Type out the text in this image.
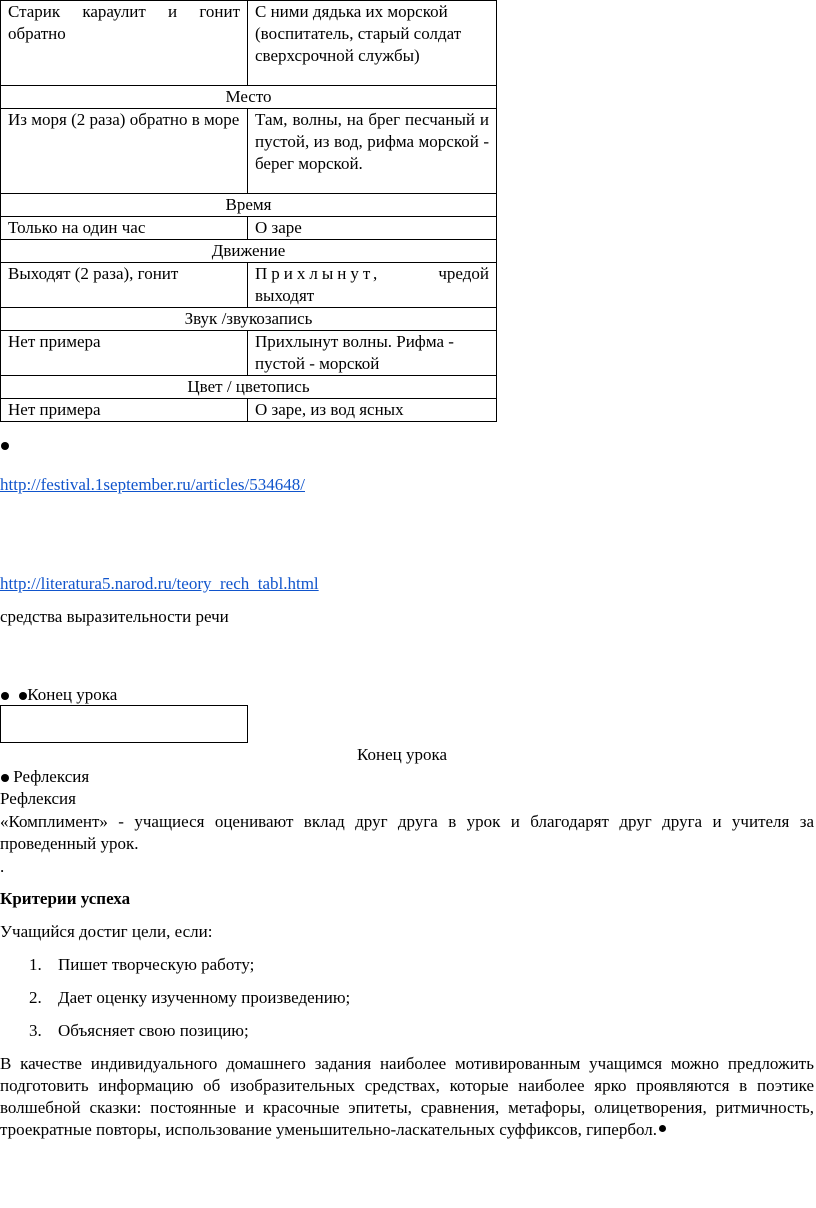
Старик караулит и гонит обратно	С ними дядька их морской (воспитатель, старый солдат сверхсрочной службы)
Место	
Из моря (2 раза) обратно в море	Там, волны, на брег песчаный и пустой, из вод, рифма морской - берег морской.
Время	
Только на один час	О заре
Движение	
Выходят (2 раза), гонит	Прихлынут, чредой выходят
Звук /звукозапись	
Нет примера	Прихлынут волны. Рифма - пустой - морской
Цвет / цветопись	
Нет примера	О заре, из вод ясных
http://festival.1september.ru/articles/534648/
http://literatura5.narod.ru/teory_rech_tabl.html
средства выразительности речи
Конец урока
Конец урока
Рефлексия
Рефлексия
«Комплимент» - учащиеся оценивают вклад друг друга в урок и благодарят друг друга и учителя за проведенный урок.
.
Критерии успеха
Учащийся достиг цели, если:
1. Пишет творческую работу;
2. Дает оценку изученному произведению;
3. Объясняет свою позицию;
В качестве индивидуального домашнего задания наиболее мотивированным учащимся можно предложить подготовить информацию об изобразительных средствах, которые наиболее ярко проявляются в поэтике волшебной сказки: постоянные и красочные эпитеты, сравнения, метафоры, олицетворения, ритмичность, троекратные повторы, использование уменьшительно-ласкательных суффиксов, гипербол.
